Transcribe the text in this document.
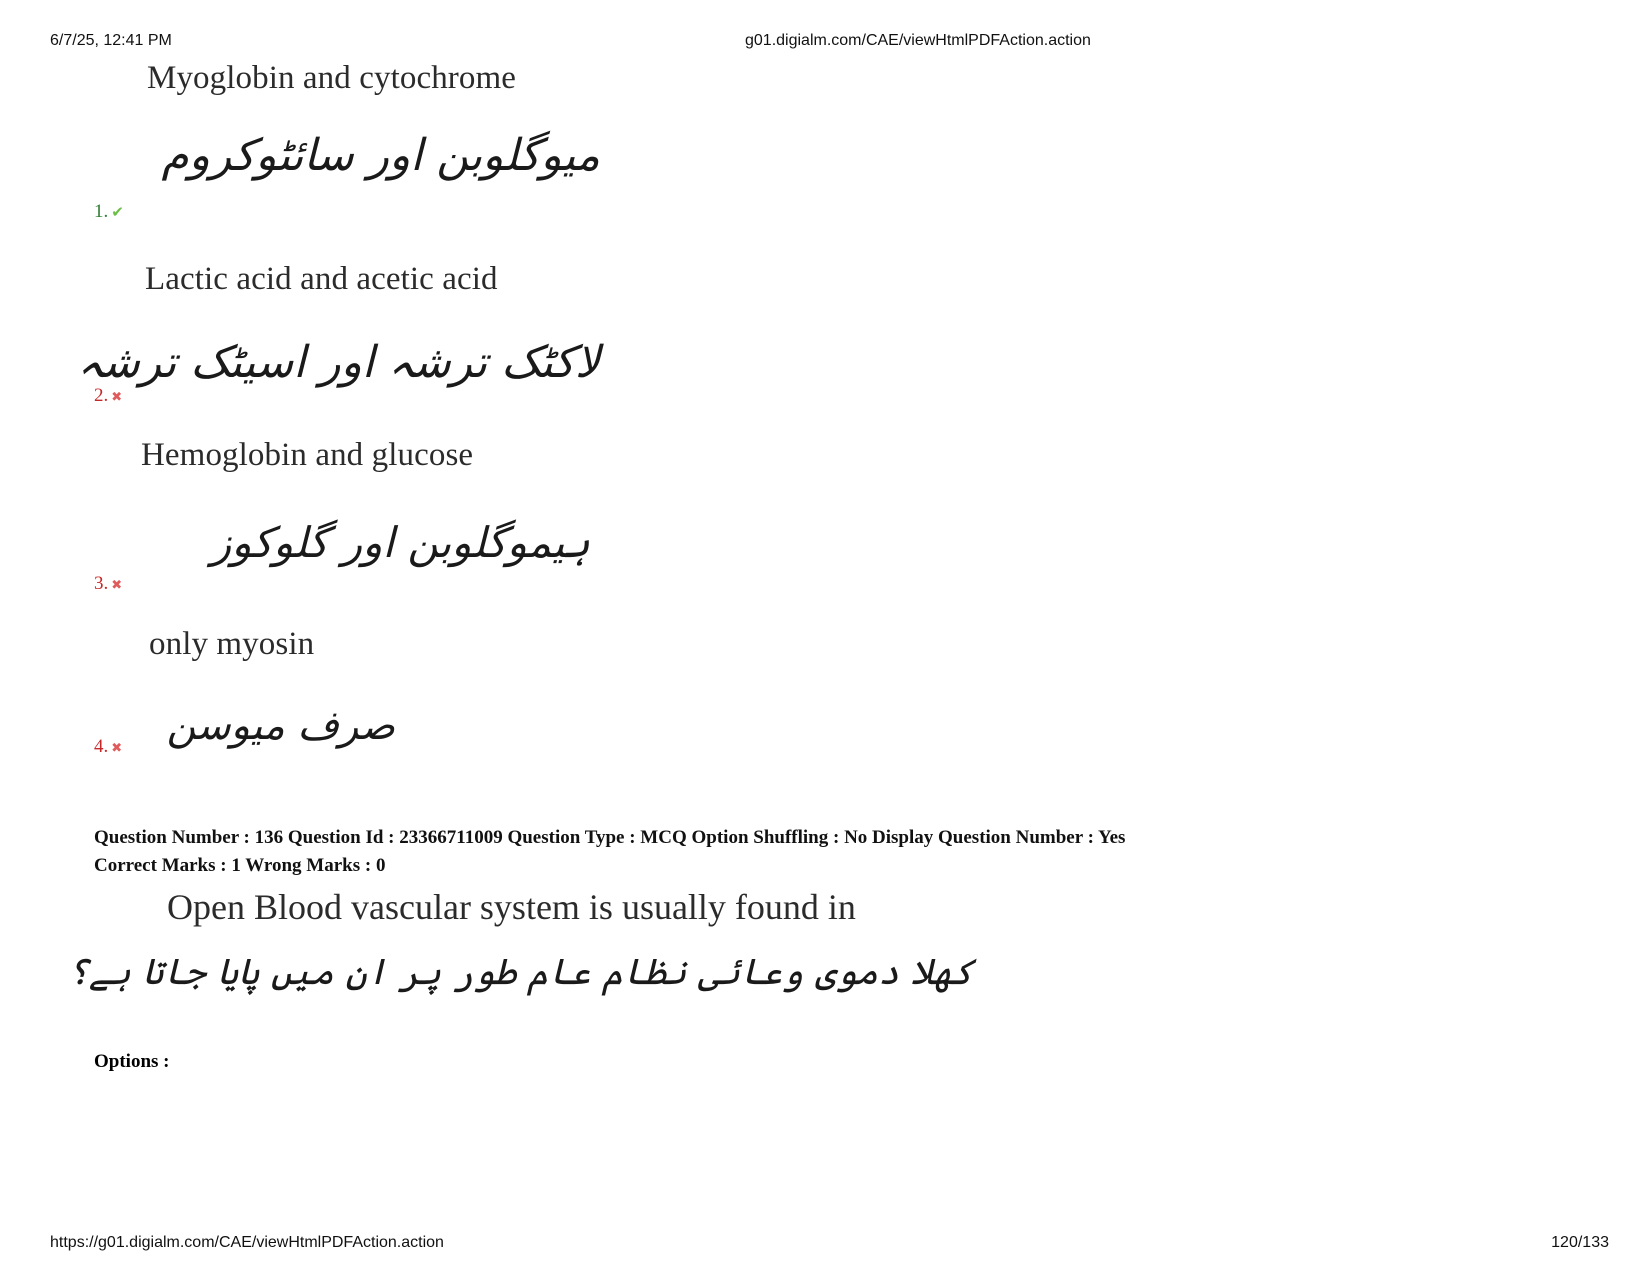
6/7/25, 12:41 PM	g01.digialm.com/CAE/viewHtmlPDFAction.action
Myoglobin and cytochrome
میوگلوبن اور سائٹوکروم
1. ✔
Lactic acid and acetic acid
لاکٹک ترشہ اور اسیٹک ترشہ
2. ✖
Hemoglobin and glucose
ہیموگلوبن اور گلوکوز
3. ✖
only myosin
صرف میوسن
4. ✖
Question Number : 136 Question Id : 23366711009 Question Type : MCQ Option Shuffling : No Display Question Number : Yes
Correct Marks : 1 Wrong Marks : 0
Open Blood vascular system is usually found in
کھلا دموی وعائی نظام عام طور پر ان میں پایا جاتا ہے؟
Options :
https://g01.digialm.com/CAE/viewHtmlPDFAction.action	120/133
